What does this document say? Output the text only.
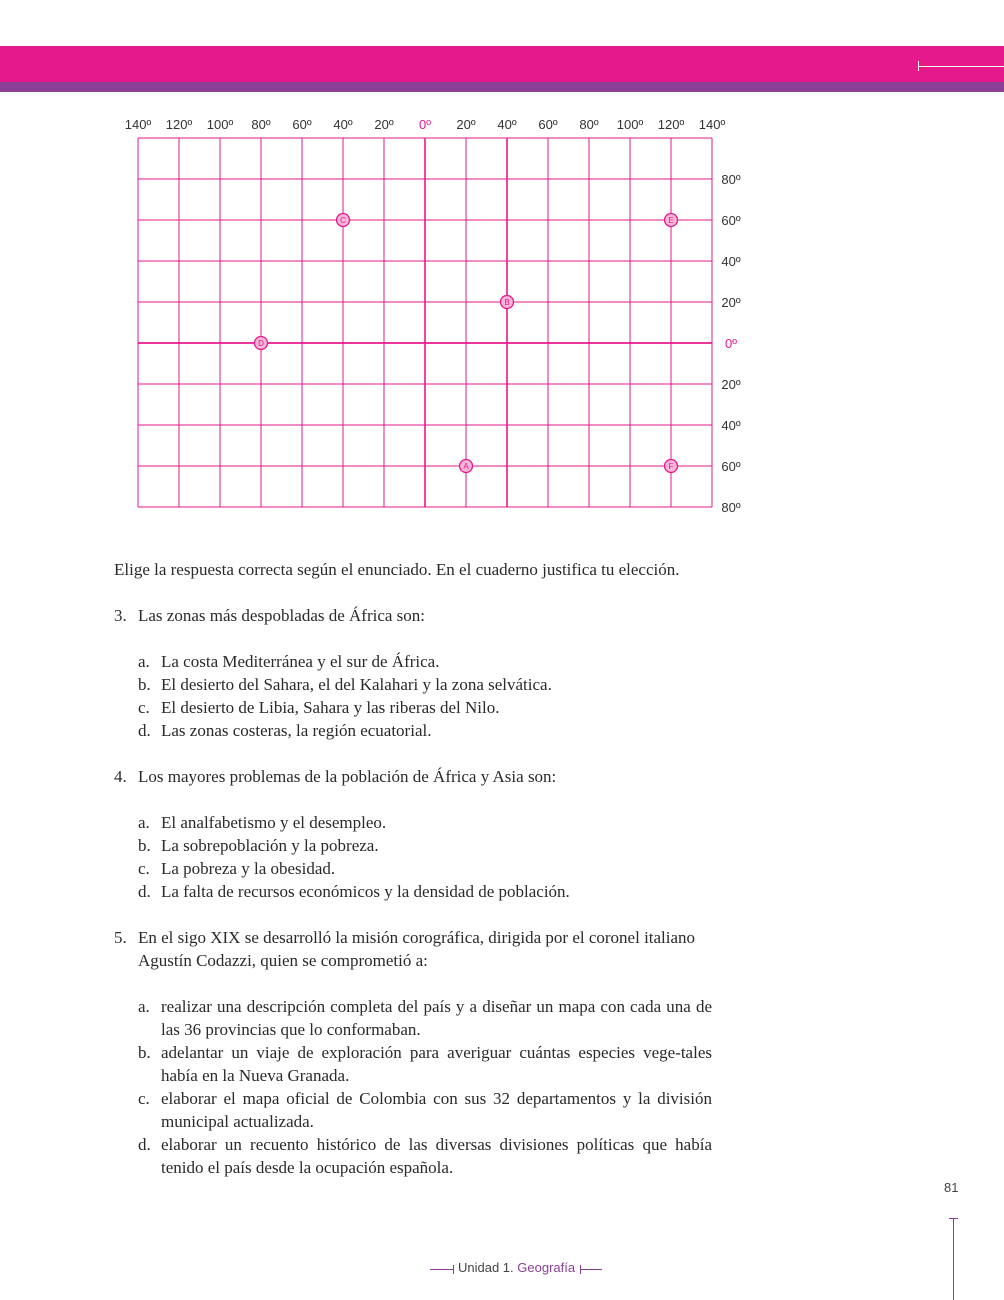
140º 120º 100º 80º 60º 40º 20º 0º 20º 40º 60º 80º 100º 120º 140º
80º
60º
40º
20º
0º
20º
40º
60º
80º
A
B
C
D
E
F
Elige la respuesta correcta según el enunciado. En el cuaderno justifica tu elección.
3. Las zonas más despobladas de África son:
a. La costa Mediterránea y el sur de África.
b. El desierto del Sahara, el del Kalahari y la zona selvática.
c. El desierto de Libia, Sahara y las riberas del Nilo.
d. Las zonas costeras, la región ecuatorial.
4. Los mayores problemas de la población de África y Asia son:
a. El analfabetismo y el desempleo.
b. La sobrepoblación y la pobreza.
c. La pobreza y la obesidad.
d. La falta de recursos económicos y la densidad de población.
5. En el sigo XIX se desarrolló la misión corográfica, dirigida por el coronel italiano Agustín Codazzi, quien se comprometió a:
a. realizar una descripción completa del país y a diseñar un mapa con cada una de las 36 provincias que lo conformaban.
b. adelantar un viaje de exploración para averiguar cuántas especies vege-tales había en la Nueva Granada.
c. elaborar el mapa oficial de Colombia con sus 32 departamentos y la división municipal actualizada.
d. elaborar un recuento histórico de las diversas divisiones políticas que había tenido el país desde la ocupación española.
81
Unidad 1. Geografía
